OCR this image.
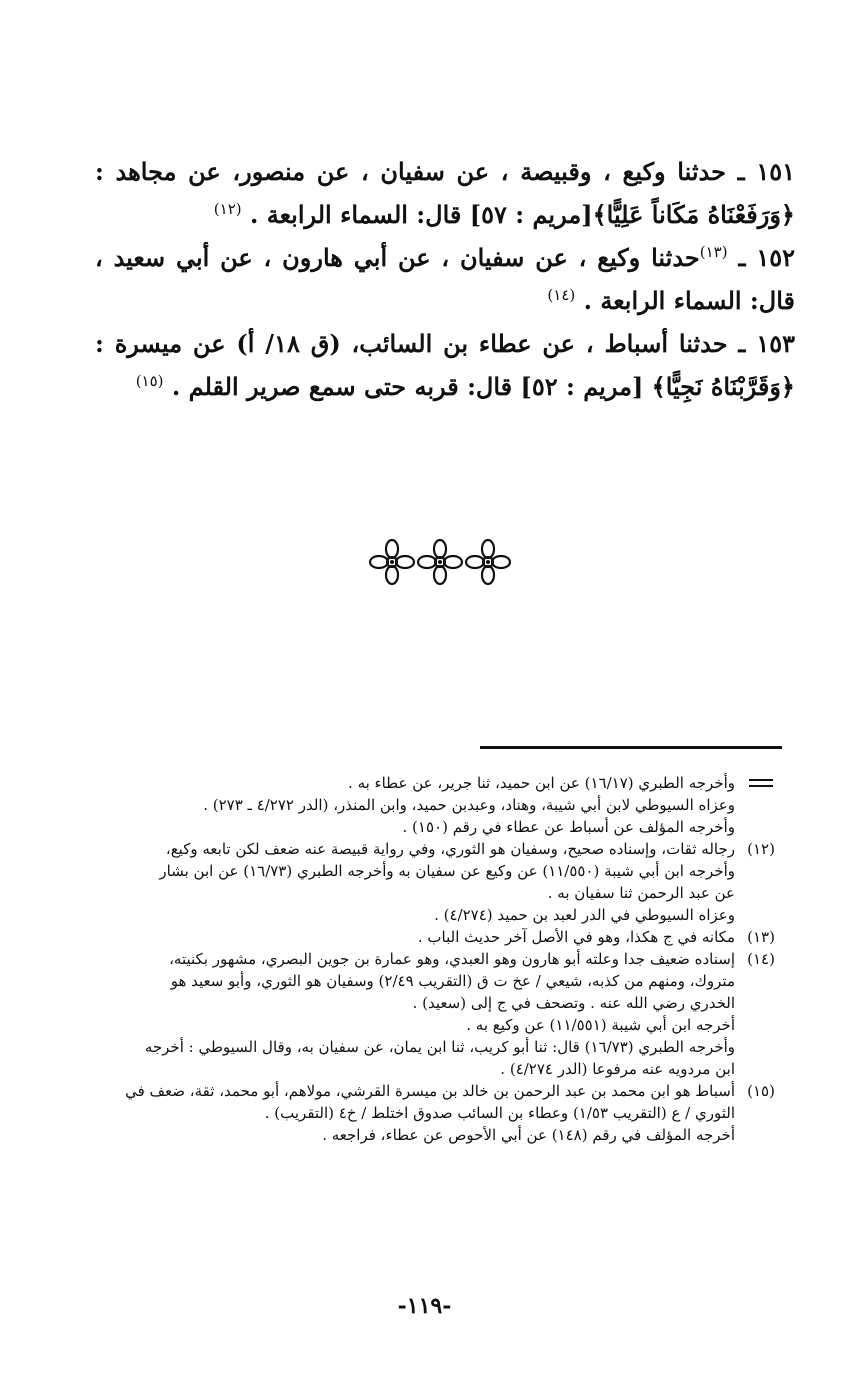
١٥١ ـ حدثنا وكيع ، وقبيصة ، عن سفيان ، عن منصور، عن مجاهد : ﴿وَرَفَعْنَاهُ مَكَاناً عَلِيًّا﴾[مريم : ٥٧] قال: السماء الرابعة . $^{(١٢)}$

١٥٢ ـ $^{(١٣)}$حدثنا وكيع ، عن سفيان ، عن أبي هارون ، عن أبي سعيد ، قال: السماء الرابعة . $^{(١٤)}$

١٥٣ ـ حدثنا أسباط ، عن عطاء بن السائب، (ق ١٨/ أ) عن ميسرة : ﴿وَقَرَّبْنَاهُ نَجِيًّا﴾ [مريم : ٥٢] قال: قربه حتى سمع صرير القلم . $^{(١٥)}$

وأخرجه الطبري (١٦/١٧) عن ابن حميد، ثنا جرير، عن عطاء به .
وعزاه السيوطي لابن أبي شيبة، وهناد، وعبدبن حميد، وابن المنذر، (الدر ٤/٢٧٢ ـ ٢٧٣) .
وأخرجه المؤلف عن أسباط عن عطاء في رقم (١٥٠) .
(١٢)
رجاله ثقات، وإسناده صحيح، وسفيان هو الثوري، وفي رواية قبيصة عنه ضعف لكن تابعه وكيع،
وأخرجه ابن أبي شيبة (١١/٥٥٠) عن وكيع عن سفيان به وأخرجه الطبري (١٦/٧٣) عن ابن بشار
عن عبد الرحمن ثنا سفيان به .
وعزاه السيوطي في الدر لعبد بن حميد (٤/٢٧٤) .
(١٣)
مكانه في ج هكذا، وهو في الأصل آخر حديث الباب .
(١٤)
إسناده ضعيف جدا وعلته أبو هارون وهو العبدي، وهو عمارة بن جوين البصري، مشهور بكنيته،
متروك، ومنهم من كذبه، شيعي / عخ ت ق (التقريب ٢/٤٩) وسفيان هو الثوري، وأبو سعيد هو
الخدري رضي الله عنه . وتصحف في ج إلى (سعيد) .
أخرجه ابن أبي شيبة (١١/٥٥١) عن وكيع به .
وأخرجه الطبري (١٦/٧٣) قال: ثنا أبو كريب، ثنا ابن يمان، عن سفيان به، وقال السيوطي : أخرجه
ابن مردويه عنه مرفوعا (الدر ٤/٢٧٤) .
(١٥)
أسباط هو ابن محمد بن عبد الرحمن بن خالد بن ميسرة القرشي، مولاهم، أبو محمد، ثقة، ضعف في
الثوري / ع (التقريب ١/٥٣) وعطاء بن السائب صدوق اختلط / خ٤ (التقريب) .
أخرجه المؤلف في رقم (١٤٨) عن أبي الأحوص عن عطاء، فراجعه .
-١١٩-
